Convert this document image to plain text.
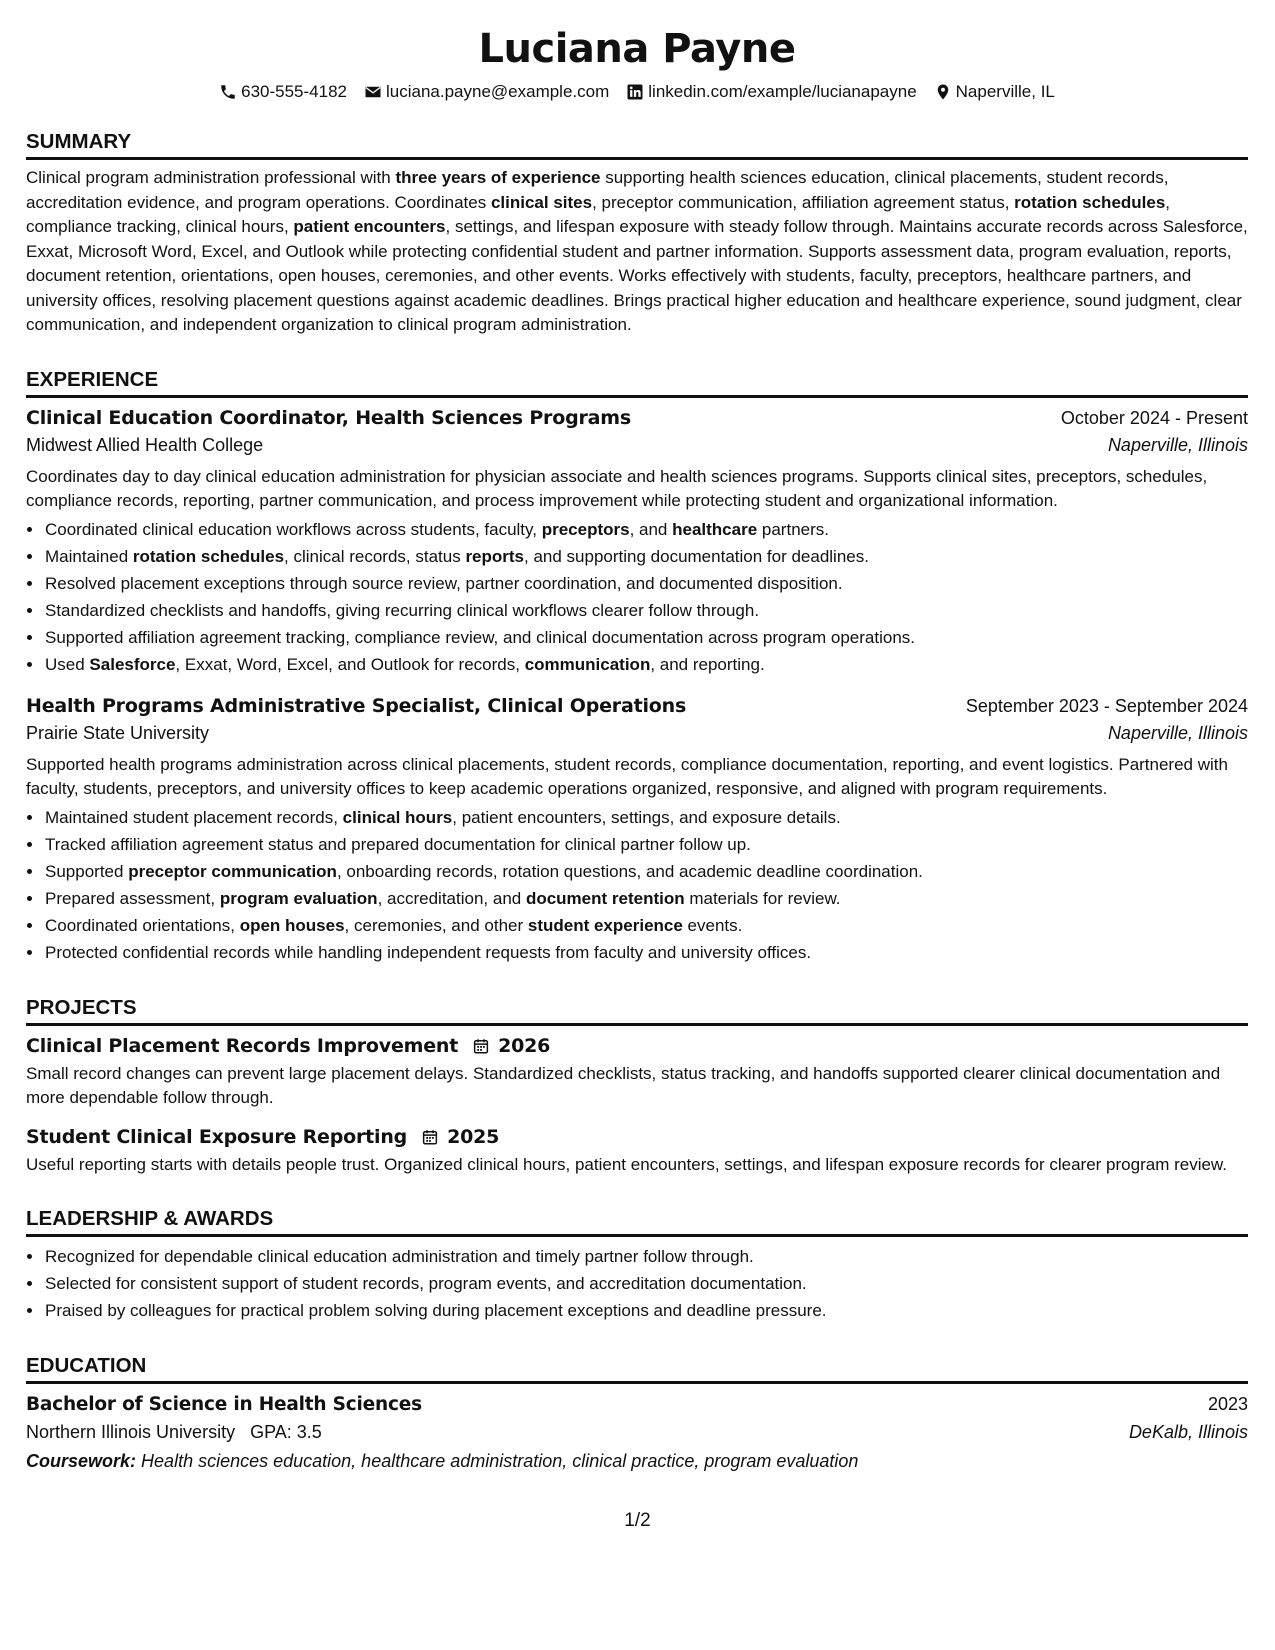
Luciana Payne
630-555-4182 luciana.payne@example.com linkedin.com/example/lucianapayne Naperville, IL
SUMMARY

Clinical program administration professional with three years of experience supporting health sciences education, clinical placements, student records, accreditation evidence, and program operations. Coordinates clinical sites, preceptor communication, affiliation agreement status, rotation schedules, compliance tracking, clinical hours, patient encounters, settings, and lifespan exposure with steady follow through. Maintains accurate records across Salesforce, Exxat, Microsoft Word, Excel, and Outlook while protecting confidential student and partner information. Supports assessment data, program evaluation, reports, document retention, orientations, open houses, ceremonies, and other events. Works effectively with students, faculty, preceptors, healthcare partners, and university offices, resolving placement questions against academic deadlines. Brings practical higher education and healthcare experience, sound judgment, clear communication, and independent organization to clinical program administration.

EXPERIENCE
Clinical Education Coordinator, Health Sciences Programs	October 2024 - Present
Midwest Allied Health College	Naperville, Illinois

Coordinates day to day clinical education administration for physician associate and health sciences programs. Supports clinical sites, preceptors, schedules, compliance records, reporting, partner communication, and process improvement while protecting student and organizational information.

• Coordinated clinical education workflows across students, faculty, preceptors, and healthcare partners.
• Maintained rotation schedules, clinical records, status reports, and supporting documentation for deadlines.
• Resolved placement exceptions through source review, partner coordination, and documented disposition.
• Standardized checklists and handoffs, giving recurring clinical workflows clearer follow through.
• Supported affiliation agreement tracking, compliance review, and clinical documentation across program operations.
• Used Salesforce, Exxat, Word, Excel, and Outlook for records, communication, and reporting.
Health Programs Administrative Specialist, Clinical Operations	September 2023 - September 2024
Prairie State University	Naperville, Illinois

Supported health programs administration across clinical placements, student records, compliance documentation, reporting, and event logistics. Partnered with faculty, students, preceptors, and university offices to keep academic operations organized, responsive, and aligned with program requirements.

• Maintained student placement records, clinical hours, patient encounters, settings, and exposure details.
• Tracked affiliation agreement status and prepared documentation for clinical partner follow up.
• Supported preceptor communication, onboarding records, rotation questions, and academic deadline coordination.
• Prepared assessment, program evaluation, accreditation, and document retention materials for review.
• Coordinated orientations, open houses, ceremonies, and other student experience events.
• Protected confidential records while handling independent requests from faculty and university offices.
PROJECTS
Clinical Placement Records Improvement 2026

Small record changes can prevent large placement delays. Standardized checklists, status tracking, and handoffs supported clearer clinical documentation and more dependable follow through.

Student Clinical Exposure Reporting 2025

Useful reporting starts with details people trust. Organized clinical hours, patient encounters, settings, and lifespan exposure records for clearer program review.

LEADERSHIP & AWARDS
• Recognized for dependable clinical education administration and timely partner follow through.
• Selected for consistent support of student records, program events, and accreditation documentation.
• Praised by colleagues for practical problem solving during placement exceptions and deadline pressure.
EDUCATION
Bachelor of Science in Health Sciences	2023
Northern Illinois University GPA: 3.5	DeKalb, Illinois
Coursework: Health sciences education, healthcare administration, clinical practice, program evaluation
1/2
